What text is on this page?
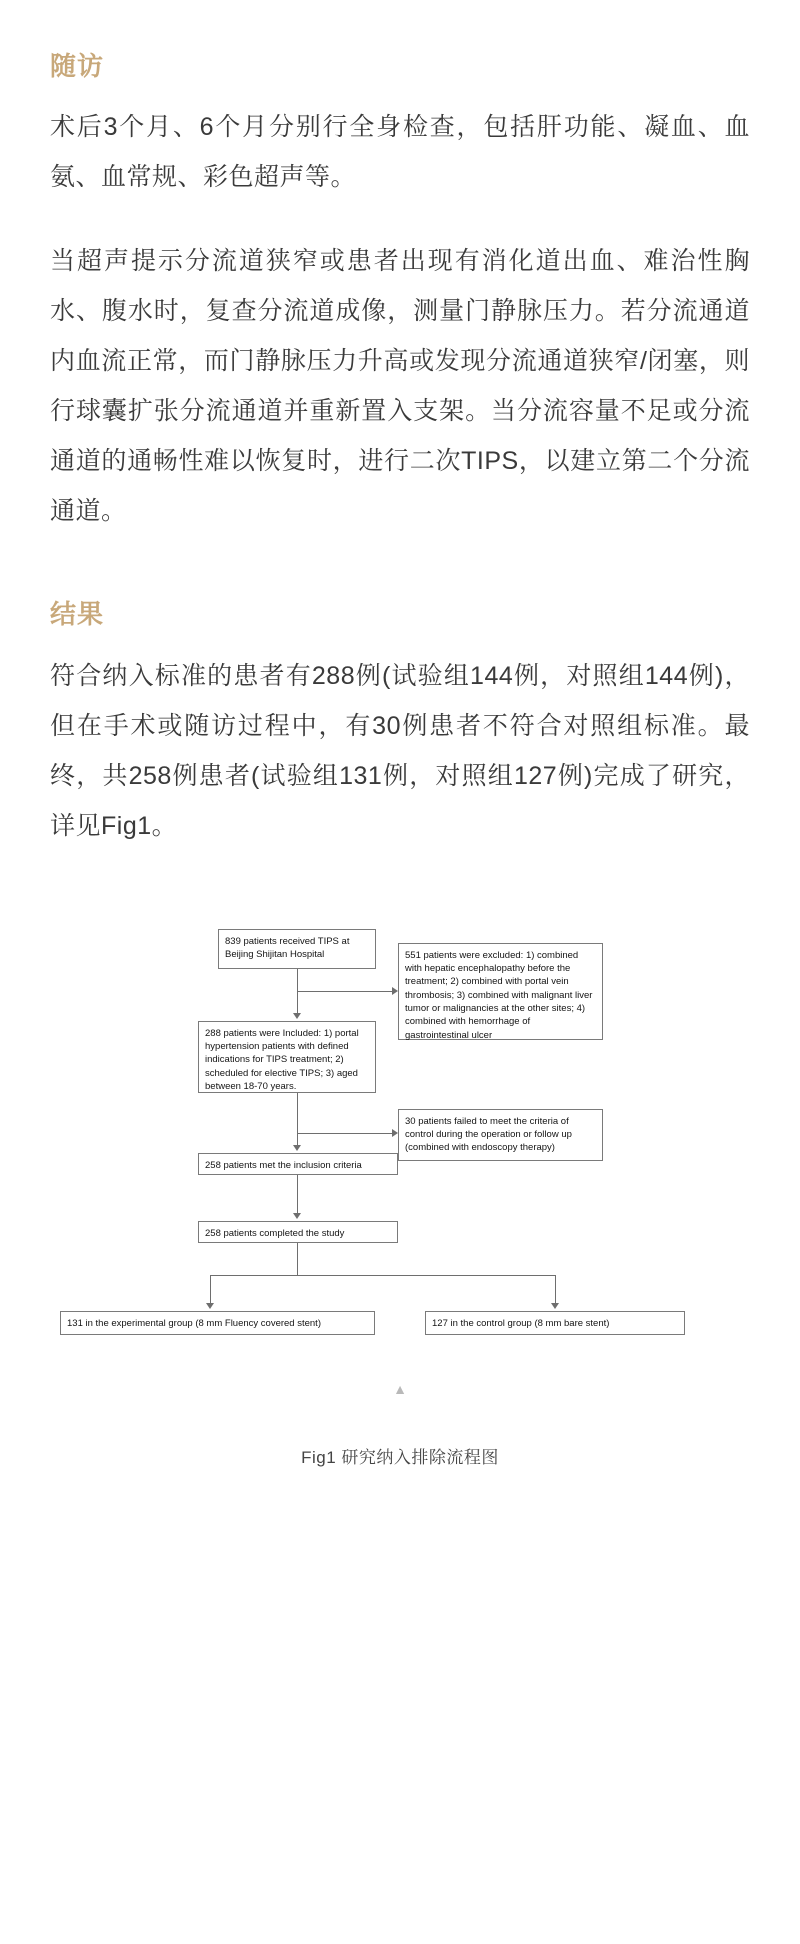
随访

术后3个月、6个月分别行全身检查，包括肝功能、凝血、血氨、血常规、彩色超声等。

当超声提示分流道狭窄或患者出现有消化道出血、难治性胸水、腹水时，复查分流道成像，测量门静脉压力。若分流通道内血流正常，而门静脉压力升高或发现分流通道狭窄/闭塞，则行球囊扩张分流通道并重新置入支架。当分流容量不足或分流通道的通畅性难以恢复时，进行二次TIPS，以建立第二个分流通道。

结果

符合纳入标准的患者有288例(试验组144例，对照组144例)，但在手术或随访过程中，有30例患者不符合对照组标准。最终，共258例患者(试验组131例，对照组127例)完成了研究，详见Fig1。

839 patients received TIPS at Beijing Shijitan Hospital	551 patients were excluded: 1) combined with hepatic encephalopathy before the treatment; 2) combined with portal vein thrombosis; 3) combined with malignant liver tumor or malignancies at the other sites; 4) combined with hemorrhage of gastrointestinal ulcer
288 patients were Included: 1) portal hypertension patients with defined indications for TIPS treatment; 2) scheduled for elective TIPS; 3) aged between 18-70 years.
30 patients failed to meet the criteria of control during the operation or follow up (combined with endoscopy therapy)
258 patients met the inclusion criteria
258 patients completed the study
131 in the experimental group (8 mm Fluency covered stent)	127 in the control group (8 mm bare stent)
▲
Fig1 研究纳入排除流程图
